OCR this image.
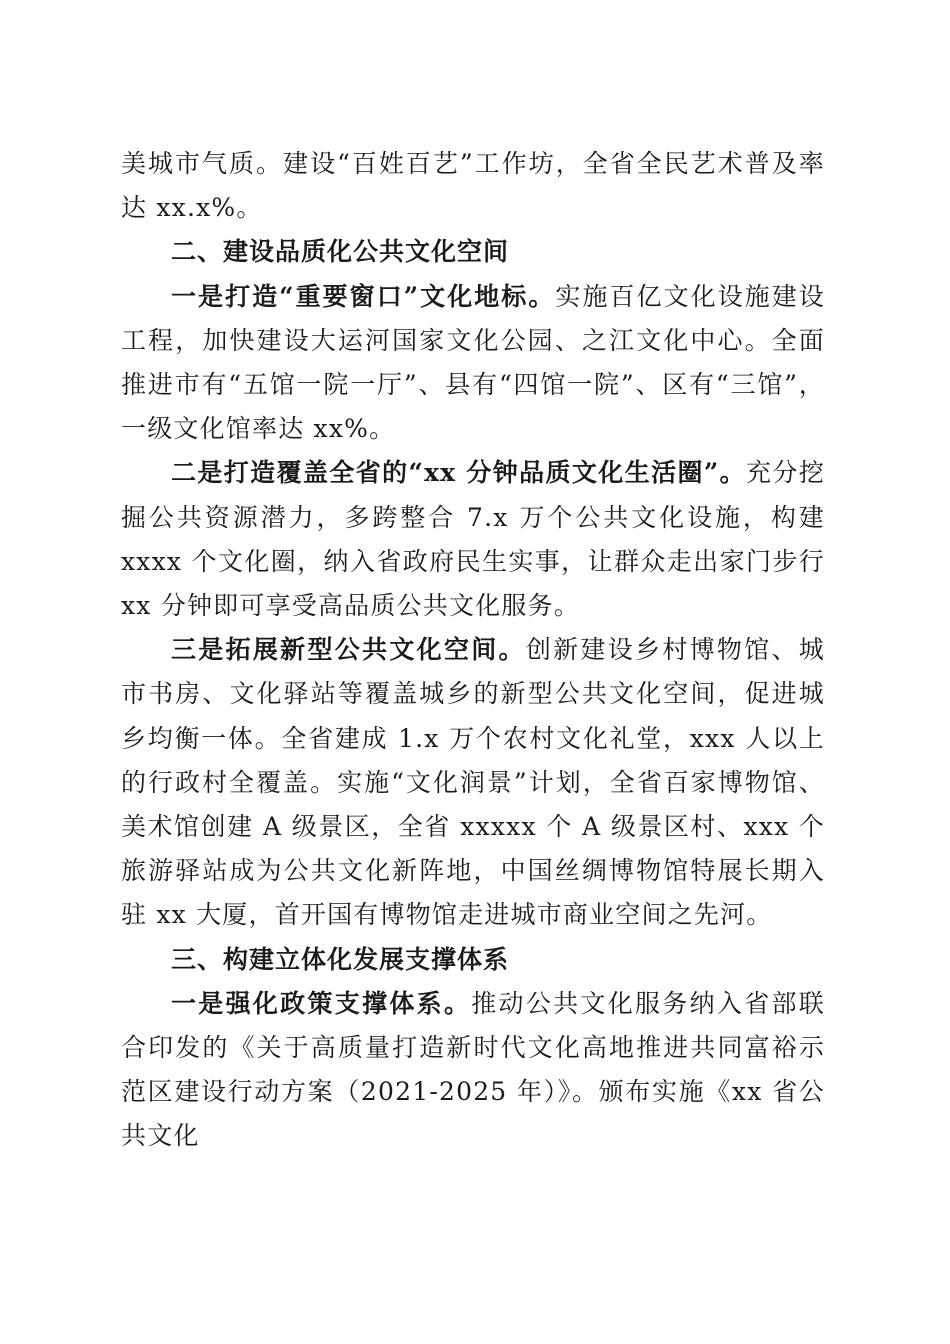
美城市气质。建设“百姓百艺”工作坊，全省全民艺术普及率达 xx.x%。

二、建设品质化公共文化空间

一是打造“重要窗口”文化地标。实施百亿文化设施建设工程，加快建设大运河国家文化公园、之江文化中心。全面推进市有“五馆一院一厅”、县有“四馆一院”、区有“三馆”，一级文化馆率达 xx%。

二是打造覆盖全省的“xx 分钟品质文化生活圈”。充分挖掘公共资源潜力，多跨整合 7.x 万个公共文化设施，构建 xxxx 个文化圈，纳入省政府民生实事，让群众走出家门步行 xx 分钟即可享受高品质公共文化服务。

三是拓展新型公共文化空间。创新建设乡村博物馆、城市书房、文化驿站等覆盖城乡的新型公共文化空间，促进城乡均衡一体。全省建成 1.x 万个农村文化礼堂，xxx 人以上的行政村全覆盖。实施“文化润景”计划，全省百家博物馆、美术馆创建 A 级景区，全省 xxxxx 个 A 级景区村、xxx 个旅游驿站成为公共文化新阵地，中国丝绸博物馆特展长期入驻 xx 大厦，首开国有博物馆走进城市商业空间之先河。

三、构建立体化发展支撑体系

一是强化政策支撑体系。推动公共文化服务纳入省部联合印发的《关于高质量打造新时代文化高地推进共同富裕示范区建设行动方案（2021-2025 年）》。颁布实施《xx 省公共文化
